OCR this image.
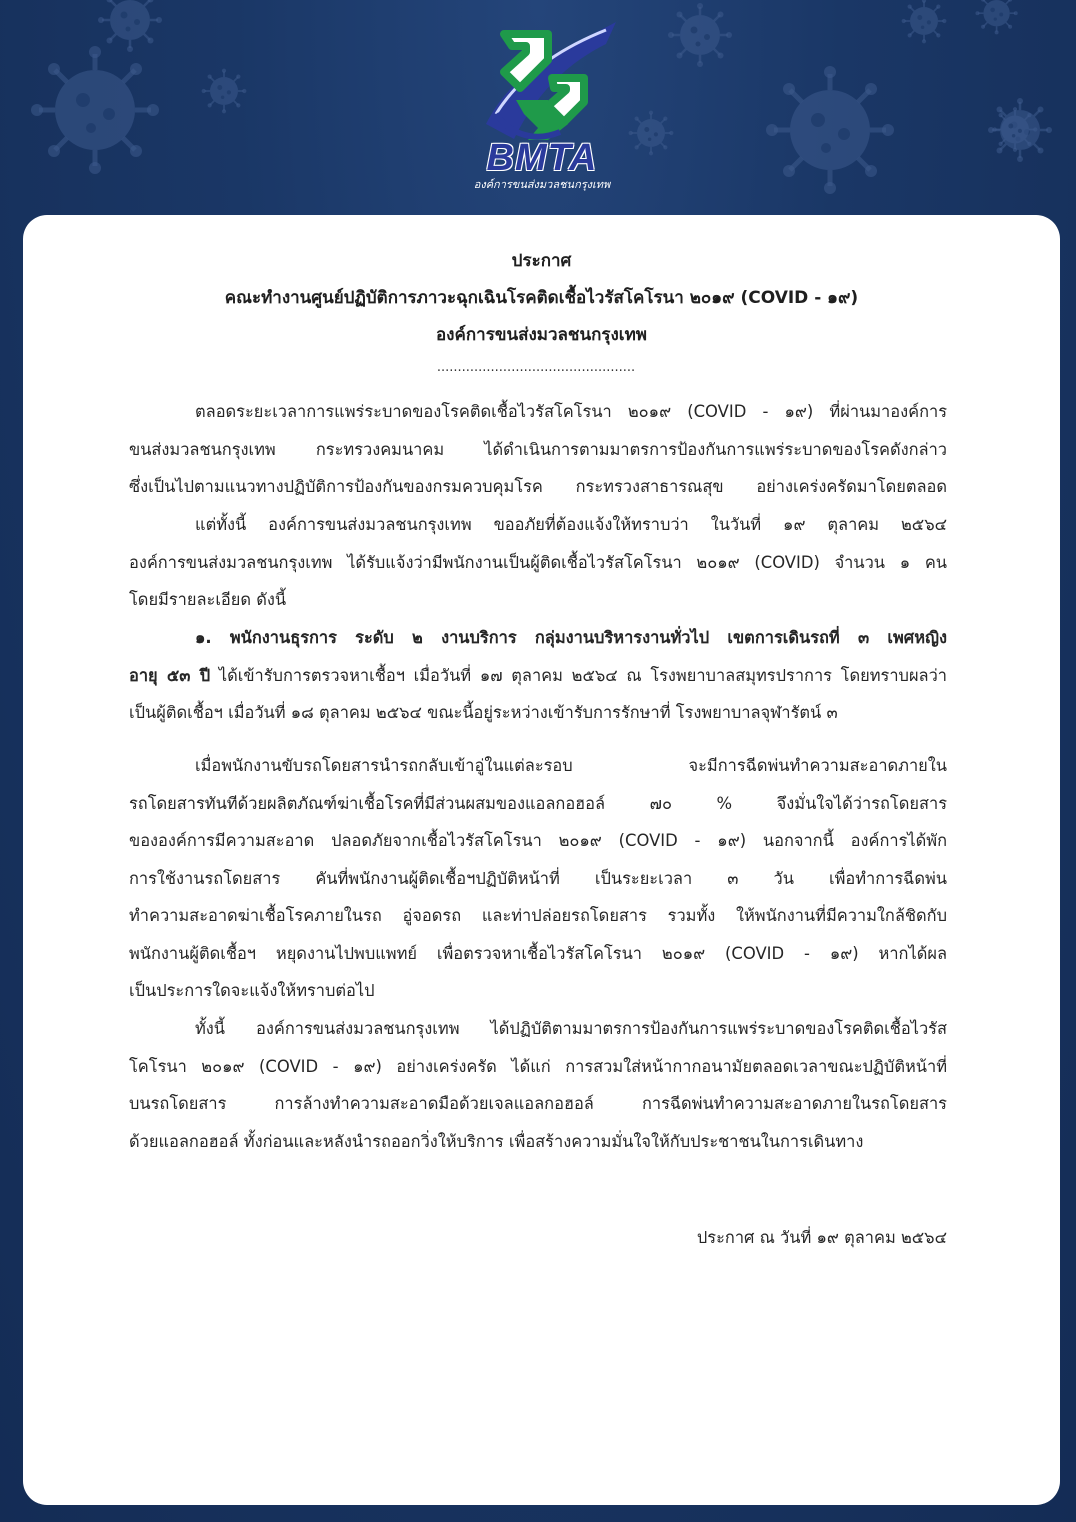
BMTA
องค์การขนส่งมวลชนกรุงเทพ
ประกาศ
คณะทำงานศูนย์ปฏิบัติการภาวะฉุกเฉินโรคติดเชื้อไวรัสโคโรนา ๒๐๑๙ (COVID - ๑๙)
องค์การขนส่งมวลชนกรุงเทพ
................................................
ตลอดระยะเวลาการแพร่ระบาดของโรคติดเชื้อไวรัสโคโรนา ๒๐๑๙ (COVID - ๑๙) ที่ผ่านมาองค์การ
ขนส่งมวลชนกรุงเทพ กระทรวงคมนาคม ได้ดำเนินการตามมาตรการป้องกันการแพร่ระบาดของโรคดังกล่าว
ซึ่งเป็นไปตามแนวทางปฏิบัติการป้องกันของกรมควบคุมโรค กระทรวงสาธารณสุข อย่างเคร่งครัดมาโดยตลอด
แต่ทั้งนี้ องค์การขนส่งมวลชนกรุงเทพ ขออภัยที่ต้องแจ้งให้ทราบว่า ในวันที่ ๑๙ ตุลาคม ๒๕๖๔
องค์การขนส่งมวลชนกรุงเทพ ได้รับแจ้งว่ามีพนักงานเป็นผู้ติดเชื้อไวรัสโคโรนา ๒๐๑๙ (COVID) จำนวน ๑ คน
โดยมีรายละเอียด ดังนี้
๑. พนักงานธุรการ ระดับ ๒ งานบริการ กลุ่มงานบริหารงานทั่วไป เขตการเดินรถที่ ๓ เพศหญิง
อายุ ๕๓ ปี ได้เข้ารับการตรวจหาเชื้อฯ เมื่อวันที่ ๑๗ ตุลาคม ๒๕๖๔ ณ โรงพยาบาลสมุทรปราการ โดยทราบผลว่า
เป็นผู้ติดเชื้อฯ เมื่อวันที่ ๑๘ ตุลาคม ๒๕๖๔ ขณะนี้อยู่ระหว่างเข้ารับการรักษาที่ โรงพยาบาลจุฬารัตน์ ๓
เมื่อพนักงานขับรถโดยสารนำรถกลับเข้าอู่ในแต่ละรอบ จะมีการฉีดพ่นทำความสะอาดภายใน
รถโดยสารทันทีด้วยผลิตภัณฑ์ฆ่าเชื้อโรคที่มีส่วนผสมของแอลกอฮอล์ ๗๐ % จึงมั่นใจได้ว่ารถโดยสาร
ขององค์การมีความสะอาด ปลอดภัยจากเชื้อไวรัสโคโรนา ๒๐๑๙ (COVID - ๑๙) นอกจากนี้ องค์การได้พัก
การใช้งานรถโดยสาร คันที่พนักงานผู้ติดเชื้อฯปฏิบัติหน้าที่ เป็นระยะเวลา ๓ วัน เพื่อทำการฉีดพ่น
ทำความสะอาดฆ่าเชื้อโรคภายในรถ อู่จอดรถ และท่าปล่อยรถโดยสาร รวมทั้ง ให้พนักงานที่มีความใกล้ชิดกับ
พนักงานผู้ติดเชื้อฯ หยุดงานไปพบแพทย์ เพื่อตรวจหาเชื้อไวรัสโคโรนา ๒๐๑๙ (COVID - ๑๙) หากได้ผล
เป็นประการใดจะแจ้งให้ทราบต่อไป
ทั้งนี้ องค์การขนส่งมวลชนกรุงเทพ ได้ปฏิบัติตามมาตรการป้องกันการแพร่ระบาดของโรคติดเชื้อไวรัส
โคโรนา ๒๐๑๙ (COVID - ๑๙) อย่างเคร่งครัด ได้แก่ การสวมใส่หน้ากากอนามัยตลอดเวลาขณะปฏิบัติหน้าที่
บนรถโดยสาร การล้างทำความสะอาดมือด้วยเจลแอลกอฮอล์ การฉีดพ่นทำความสะอาดภายในรถโดยสาร
ด้วยแอลกอฮอล์ ทั้งก่อนและหลังนำรถออกวิ่งให้บริการ เพื่อสร้างความมั่นใจให้กับประชาชนในการเดินทาง
ประกาศ ณ วันที่ ๑๙ ตุลาคม ๒๕๖๔
